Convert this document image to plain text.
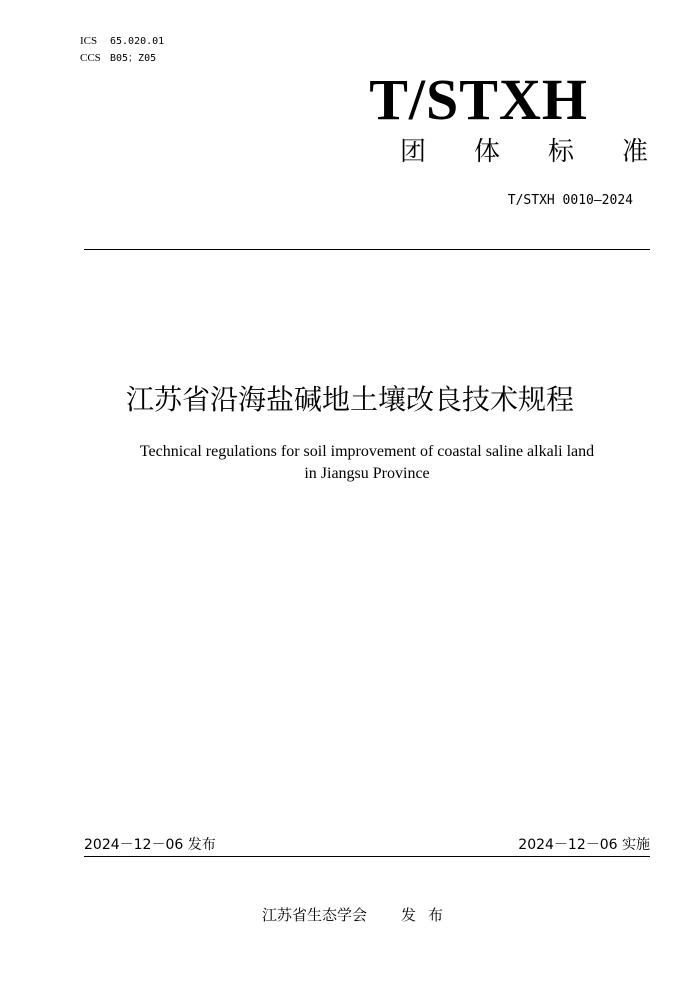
ICS 65.020.01
CCS B05；Z05
T/STXH
团体标准
T/STXH 0010—2024
江苏省沿海盐碱地土壤改良技术规程
Technical regulations for soil improvement of coastal saline alkali land
in Jiangsu Province
2024－12－06 发布	2024－12－06 实施
江苏省生态学会 发布
